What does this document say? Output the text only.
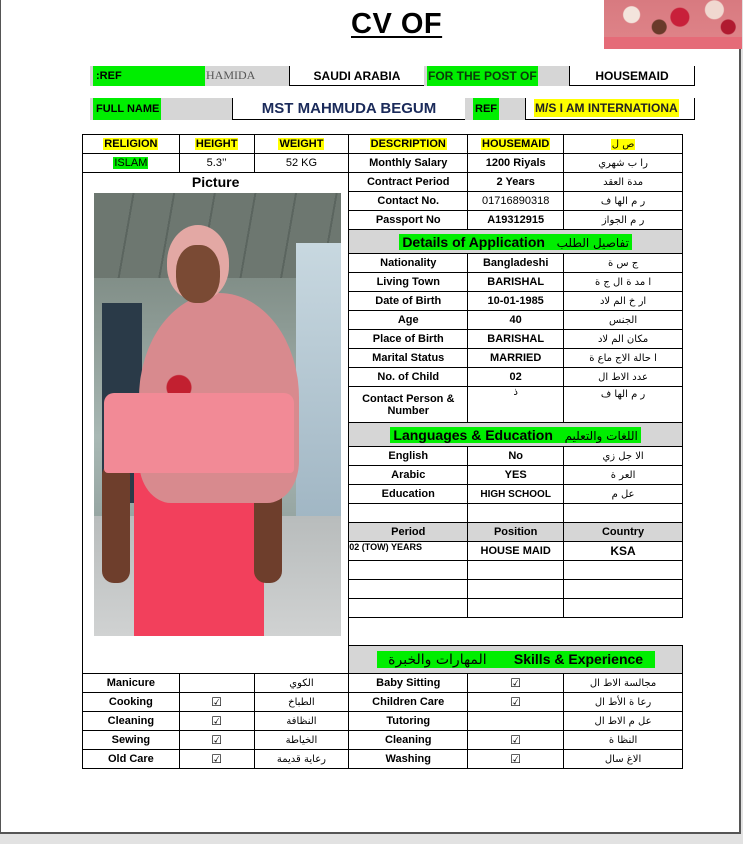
CV OF
:REF	HAMIDA	SAUDI ARABIA	FOR THE POST OF	HOUSEMAID
FULL NAME	MST MAHMUDA BEGUM	REF	M/S I AM INTERNATIONA
RELIGION	HEIGHT	WEIGHT	DESCRIPTION	HOUSEMAID	ص ل
ISLAM	5.3’’	52 KG	Monthly Salary	1200 Riyals	را ب شهري
Picture			Contract Period	2 Years	مدة العقد
			Contact No.	01716890318	ر م الها ف
			Passport No	A19312915	ر م الجواز
			Details of Application تفاصيل الطلب		
			Nationality	Bangladeshi	ج س ة
			Living Town	BARISHAL	ا مد ة ال ج ة
			Date of Birth	10-01-1985	ار خ الم لاد
			Age	40	الجنس
			Place of Birth	BARISHAL	مكان الم لاد
			Marital Status	MARRIED	ا حالة الاج ماع ة
			No. of Child	02	عدد الاط ال
			Contact Person & Number	ذ	ر م الها ف
			Languages & Education اللغات والتعليم		
			English	No	الا جل زي
			Arabic	YES	العر ة
			Education	HIGH SCHOOL	عل م

			Period	Position	Country
			02 (TOW) YEARS	HOUSE MAID	KSA

			المهارات والخبرة Skills & Experience		
Manicure		الكوي	Baby Sitting	☑	مجالسة الاط ال
Cooking	☑	الطباخ	Children Care	☑	رعا ة الأط ال
Cleaning	☑	النظافة	Tutoring		عل م الاط ال
Sewing	☑	الخياطة	Cleaning	☑	النظا ة
Old Care	☑	رعاية قديمة	Washing	☑	الاغ سال
